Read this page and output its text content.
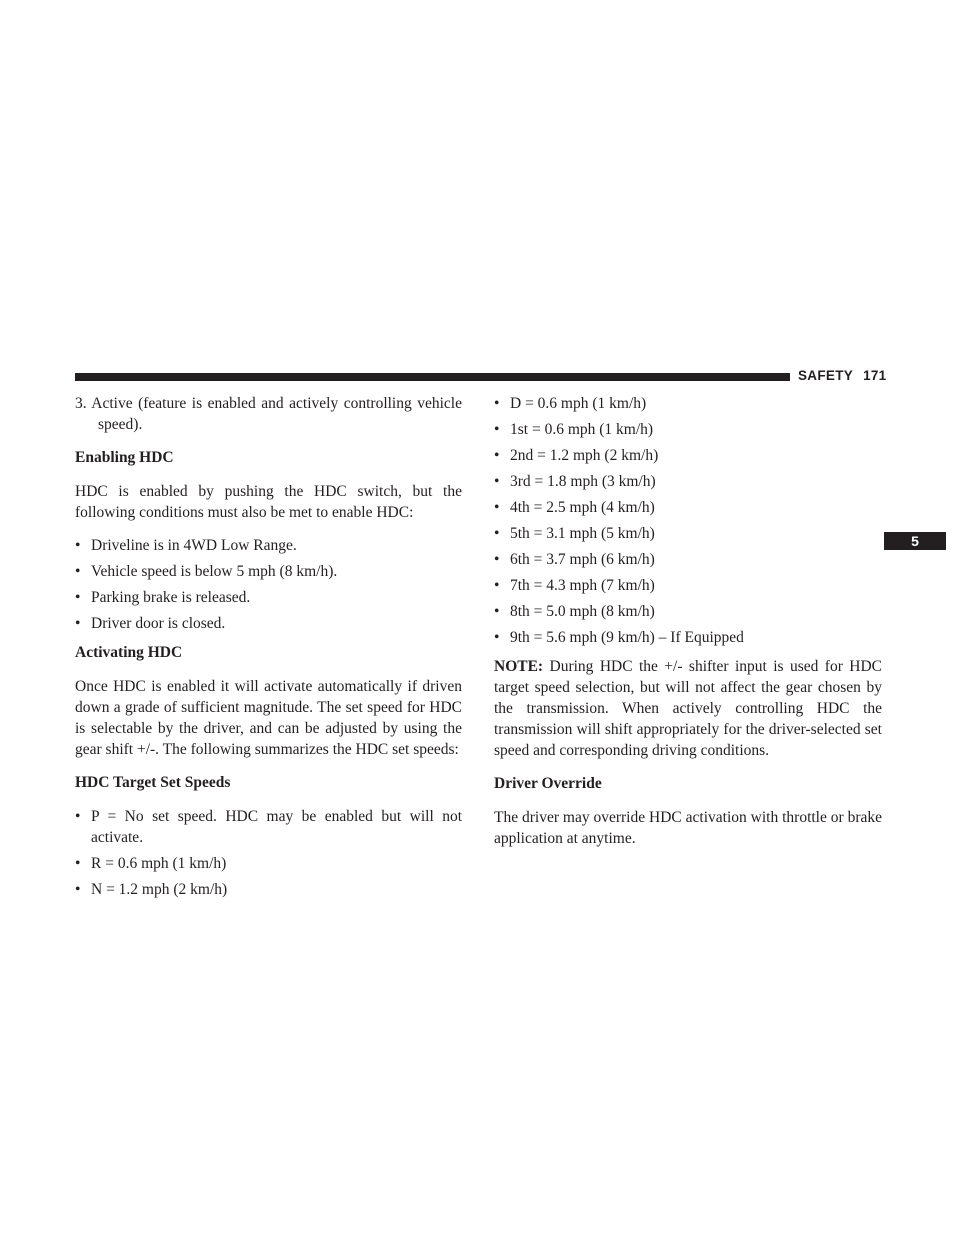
SAFETY 171
5

3. Active (feature is enabled and actively controlling vehicle speed).

Enabling HDC

HDC is enabled by pushing the HDC switch, but the following conditions must also be met to enable HDC:

• Driveline is in 4WD Low Range.
• Vehicle speed is below 5 mph (8 km/h).
• Parking brake is released.
• Driver door is closed.

Activating HDC

Once HDC is enabled it will activate automatically if driven down a grade of sufficient magnitude. The set speed for HDC is selectable by the driver, and can be adjusted by using the gear shift +/-. The following summarizes the HDC set speeds:

HDC Target Set Speeds

• P = No set speed. HDC may be enabled but will not activate.
• R = 0.6 mph (1 km/h)
• N = 1.2 mph (2 km/h)
• D = 0.6 mph (1 km/h)
• 1st = 0.6 mph (1 km/h)
• 2nd = 1.2 mph (2 km/h)
• 3rd = 1.8 mph (3 km/h)
• 4th = 2.5 mph (4 km/h)
• 5th = 3.1 mph (5 km/h)
• 6th = 3.7 mph (6 km/h)
• 7th = 4.3 mph (7 km/h)
• 8th = 5.0 mph (8 km/h)
• 9th = 5.6 mph (9 km/h) – If Equipped

NOTE: During HDC the +/- shifter input is used for HDC target speed selection, but will not affect the gear chosen by the transmission. When actively controlling HDC the transmission will shift appropriately for the driver-selected set speed and corresponding driving conditions.

Driver Override

The driver may override HDC activation with throttle or brake application at anytime.
